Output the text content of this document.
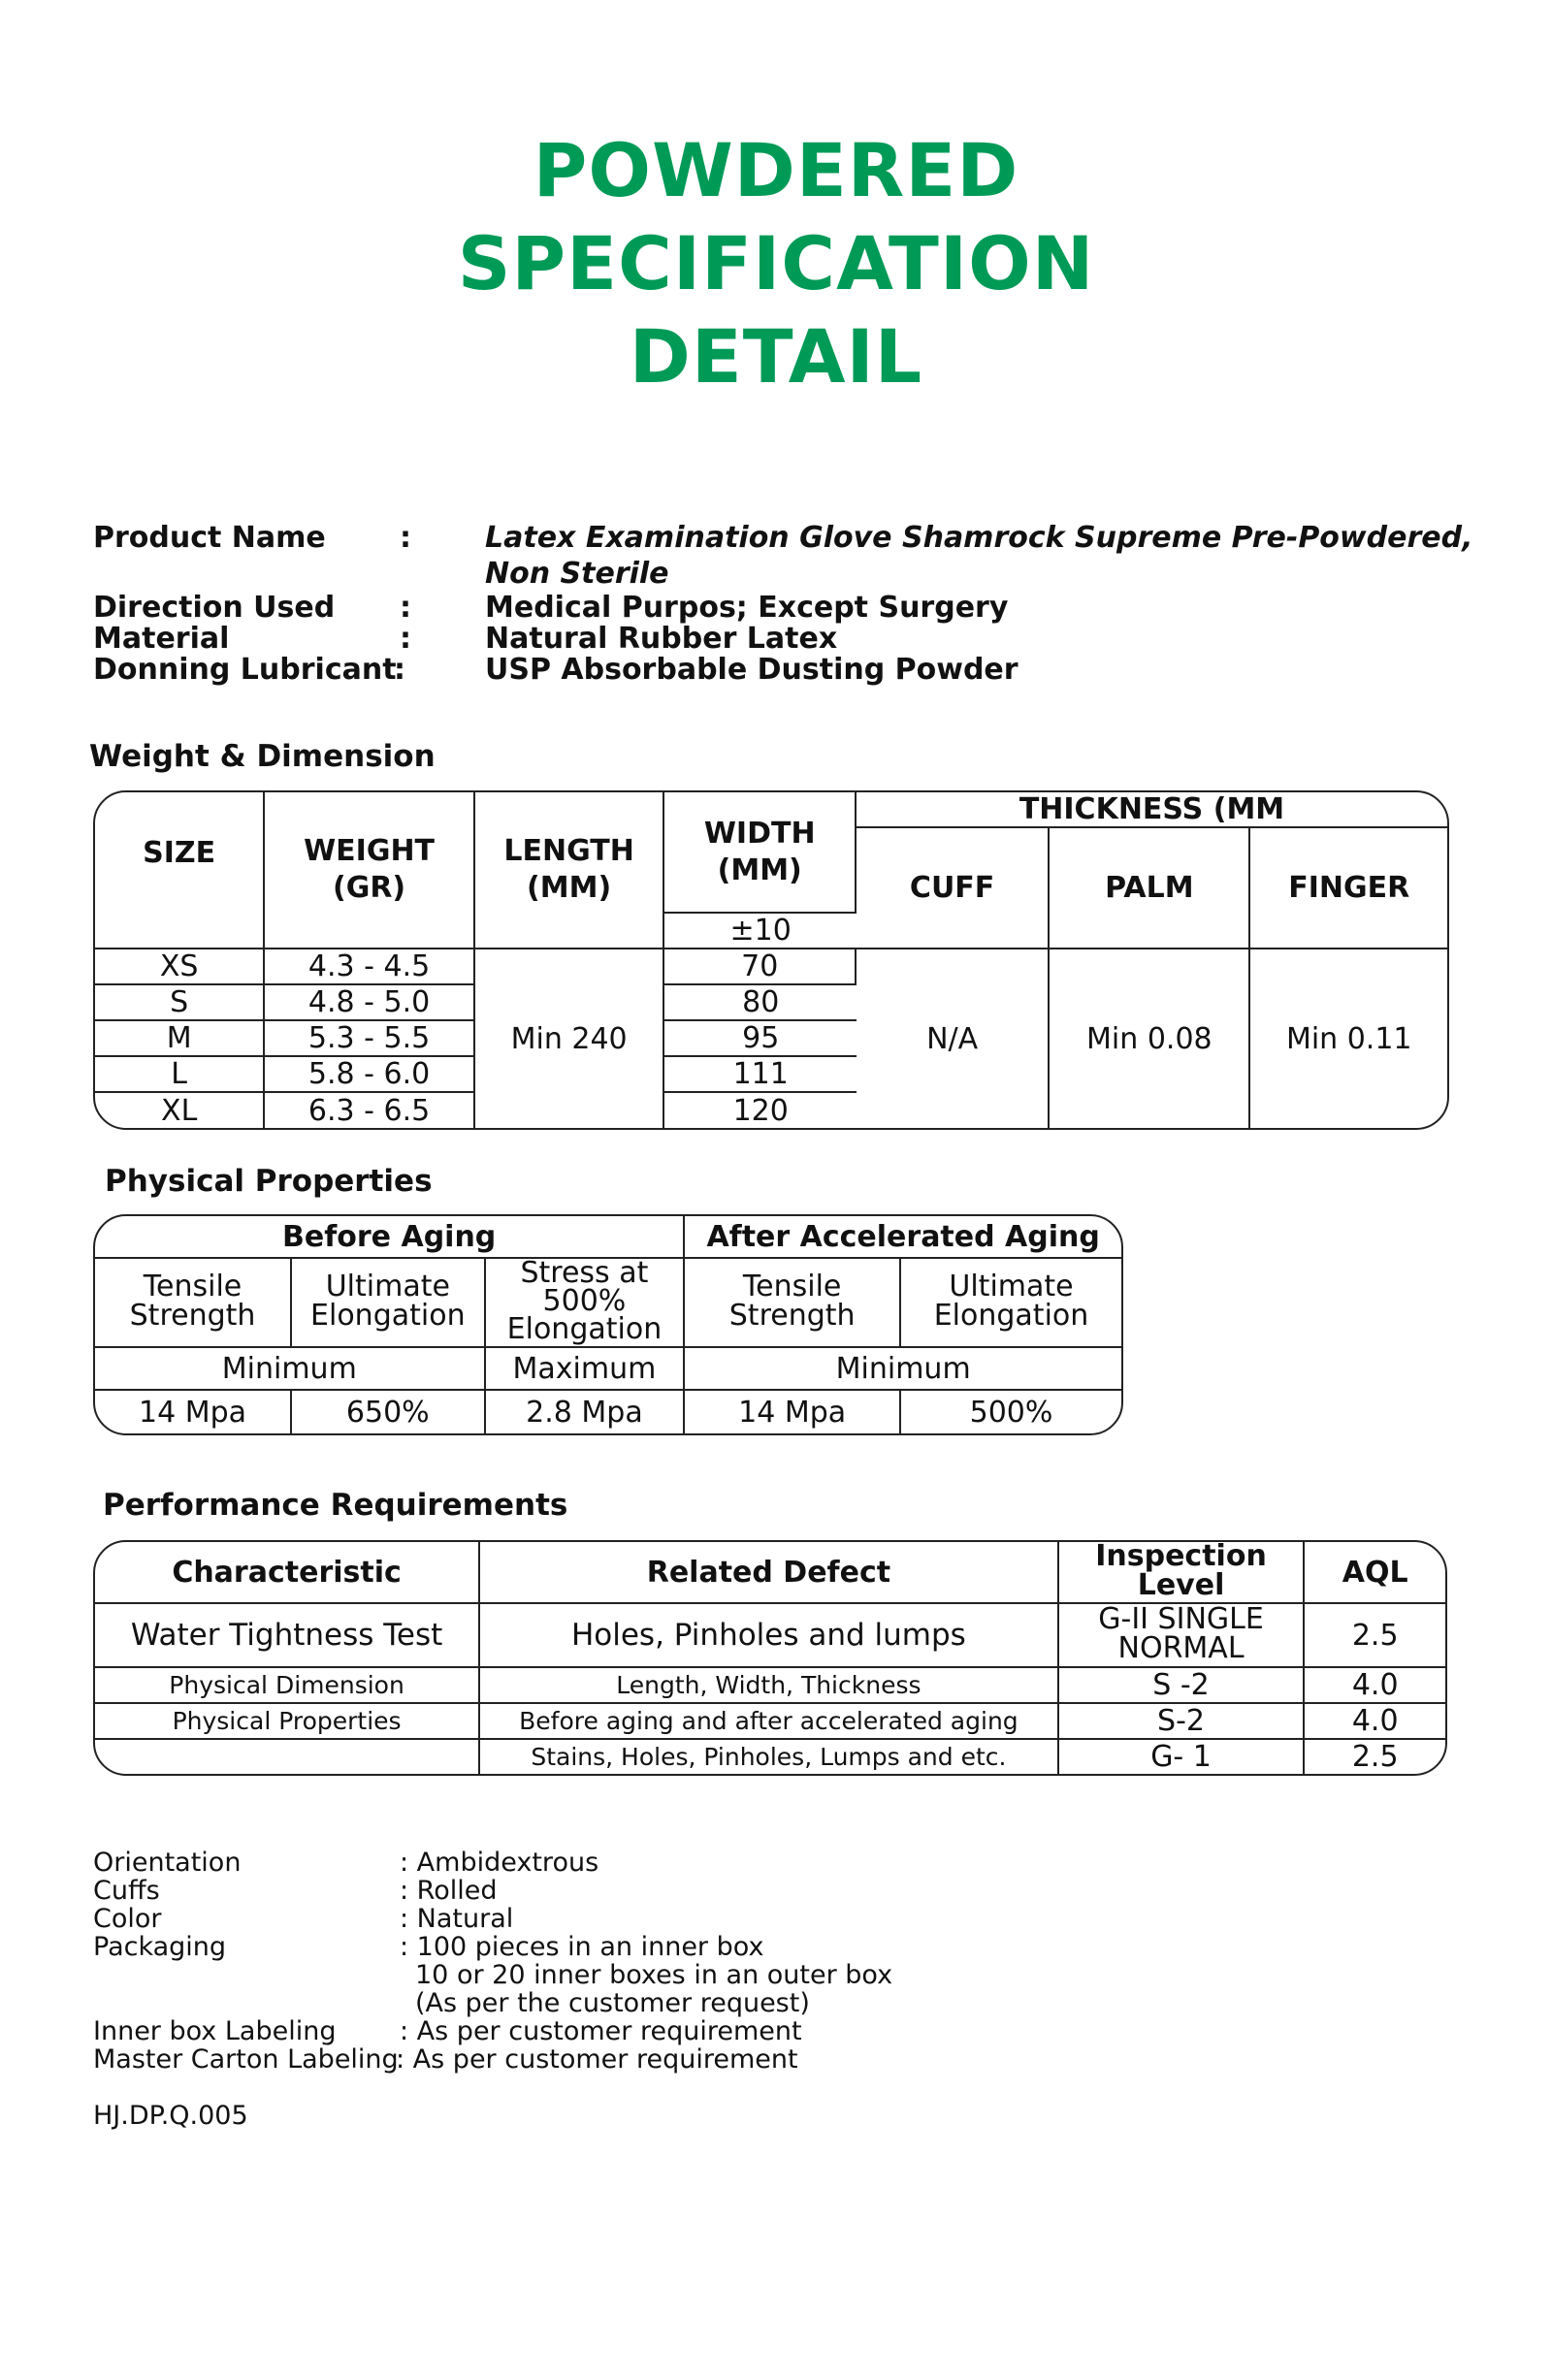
POWDERED
SPECIFICATION
DETAIL
Product Name	:	Latex Examination Glove Shamrock Supreme Pre-Powdered,
Non Sterile
Direction Used :	Medical Purpos; Except Surgery
Material	:	Natural Rubber Latex
Donning Lubricant
:	USP Absorbable Dusting Powder
Weight & Dimension
SIZE	WEIGHT (GR)	LENGTH (MM)	WIDTH (MM)	THICKNESS (MM		
				CUFF	PALM	FINGER
			±10			
XS	4.3 - 4.5	Min 240	70	N/A	Min 0.08	Min 0.11
S	4.8 - 5.0		80			
M	5.3 - 5.5		95			
L	5.8 - 6.0		111			
XL	6.3 - 6.5		120			
Physical Properties
Before Aging			After Accelerated Aging	
Tensile Strength	Ultimate Elongation	Stress at 500% Elongation	Tensile Strength	Ultimate Elongation
Minimum		Maximum	Minimum	
14 Mpa	650%	2.8 Mpa	14 Mpa	500%
Performance Requirements
Characteristic	Related Defect	Inspection Level	AQL
Water Tightness Test	Holes, Pinholes and lumps	G-II SINGLE NORMAL	2.5
Physical Dimension	Length, Width, Thickness	S -2	4.0
Physical Properties	Before aging and after accelerated aging	S-2	4.0
	Stains, Holes, Pinholes, Lumps and etc.	G- 1	2.5
Orientation	: Ambidextrous
Cuffs	: Rolled
Color	: Natural
Packaging	: 100 pieces in an inner box
10 or 20 inner boxes in an outer box
(As per the customer request)
Inner box Labeling : As per customer requirement
Master Carton Labeling
: As per customer requirement
HJ.DP.Q.005
